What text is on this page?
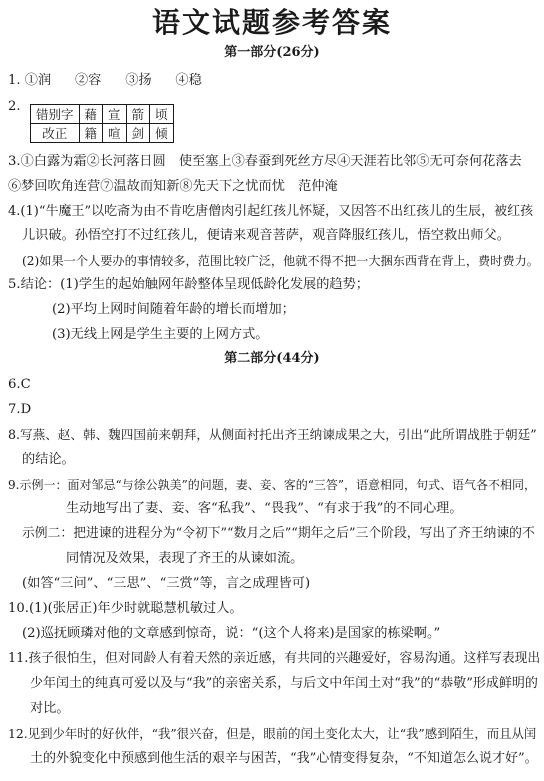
语文试题参考答案
第一部分(26分)
1. ①润 ②容 ③扬 ④稳
2.
错别字	藉	宣	箭	顷
改正	籍	喧	剑	倾
3.①白露为霜②长河落日圆　使至塞上③春蚕到死丝方尽④天涯若比邻⑤无可奈何花落去
⑥梦回吹角连营⑦温故而知新⑧先天下之忧而忧　范仲淹
4.(1)“牛魔王”以吃斋为由不肯吃唐僧肉引起红孩儿怀疑，又因答不出红孩儿的生辰，被红孩
儿识破。孙悟空打不过红孩儿，便请来观音菩萨，观音降服红孩儿，悟空救出师父。
(2)如果一个人要办的事情较多，范围比较广泛，他就不得不把一大捆东西背在背上，费时费力。
5.结论：(1)学生的起始触网年龄整体呈现低龄化发展的趋势；
(2)平均上网时间随着年龄的增长而增加；
(3)无线上网是学生主要的上网方式。
第二部分(44分)
6.C
7.D
8.写燕、赵、韩、魏四国前来朝拜，从侧面衬托出齐王纳谏成果之大，引出“此所谓战胜于朝廷”
的结论。
9.示例一：面对邹忌“与徐公孰美”的问题，妻、妾、客的“三答”，语意相同，句式、语气各不相同，
生动地写出了妻、妾、客“私我”、“畏我”、“有求于我”的不同心理。
示例二：把进谏的进程分为“令初下”“数月之后”“期年之后”三个阶段，写出了齐王纳谏的不
同情况及效果，表现了齐王的从谏如流。
(如答“三问”、“三思”、“三赏”等，言之成理皆可)
10.(1)(张居正)年少时就聪慧机敏过人。
(2)巡抚顾璘对他的文章感到惊奇，说：“(这个人将来)是国家的栋梁啊。”
11.孩子很怕生，但对同龄人有着天然的亲近感，有共同的兴趣爱好，容易沟通。这样写表现出
少年闰土的纯真可爱以及与“我”的亲密关系，与后文中年闰土对“我”的“恭敬”形成鲜明的
对比。
12.见到少年时的好伙伴，“我”很兴奋，但是，眼前的闰土变化太大，让“我”感到陌生，而且从闰
土的外貌变化中预感到他生活的艰辛与困苦，“我”心情变得复杂，“不知道怎么说才好”。
